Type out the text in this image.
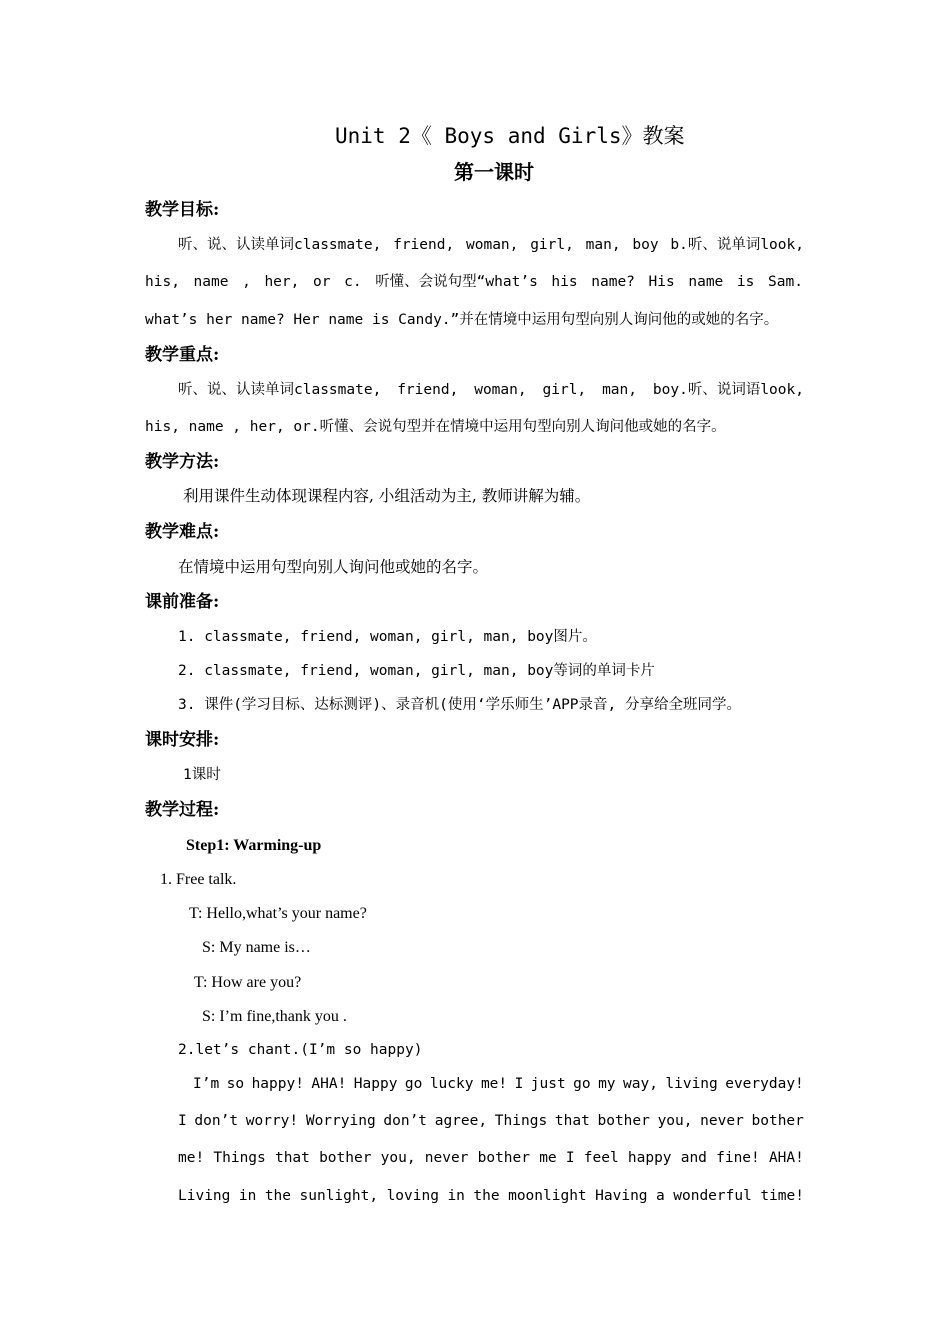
Unit 2《 Boys and Girls》教案
第一课时
教学目标:
听、说、认读单词classmate, friend, woman, girl, man, boy b.听、说单词look,
his, name , her, or c. 听懂、会说句型“what’s his name? His name is Sam.
what’s her name? Her name is Candy.”并在情境中运用句型向别人询问他的或她的名字。
教学重点:
听、说、认读单词classmate, friend, woman, girl, man, boy.听、说词语look,
his, name , her, or.听懂、会说句型并在情境中运用句型向别人询问他或她的名字。
教学方法:
利用课件生动体现课程内容, 小组活动为主, 教师讲解为辅。
教学难点:
在情境中运用句型向别人询问他或她的名字。
课前准备:
1. classmate, friend, woman, girl, man, boy图片。
2. classmate, friend, woman, girl, man, boy等词的单词卡片
3. 课件(学习目标、达标测评)、录音机(使用‘学乐师生’APP录音, 分享给全班同学。
课时安排:
1课时
教学过程:
Step1: Warming-up
1. Free talk.
T: Hello,what’s your name?
S: My name is…
T: How are you?
S: I’m fine,thank you .
2.let’s chant.(I’m so happy)
I’m so happy! AHA! Happy go lucky me! I just go my way, living everyday!
I don’t worry! Worrying don’t agree, Things that bother you, never bother
me! Things that bother you, never bother me I feel happy and fine! AHA!
Living in the sunlight, loving in the moonlight Having a wonderful time!
